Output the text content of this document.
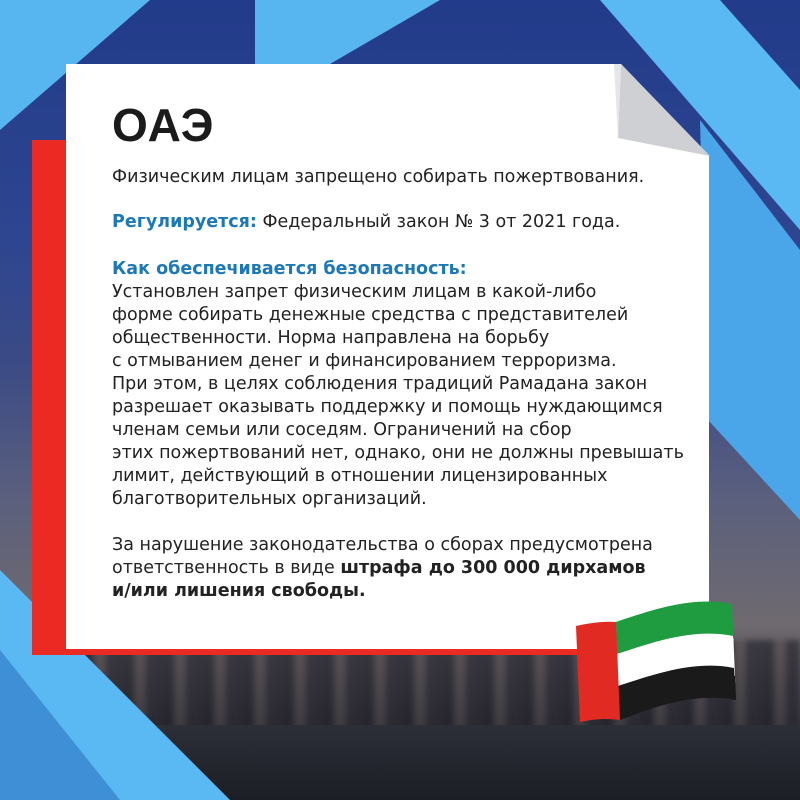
ОАЭ

Физическим лицам запрещено собирать пожертвования.

Регулируется: Федеральный закон № 3 от 2021 года.

Как обеспечивается безопасность:

Установлен запрет физическим лицам в какой-либо
форме собирать денежные средства с представителей
общественности. Норма направлена на борьбу
с отмыванием денег и финансированием терроризма.
При этом, в целях соблюдения традиций Рамадана закон
разрешает оказывать поддержку и помощь нуждающимся
членам семьи или соседям. Ограничений на сбор
этих пожертвований нет, однако, они не должны превышать
лимит, действующий в отношении лицензированных
благотворительных организаций.

За нарушение законодательства о сборах предусмотрена
ответственность в виде штрафа до 300 000 дирхамов
и/или лишения свободы.
